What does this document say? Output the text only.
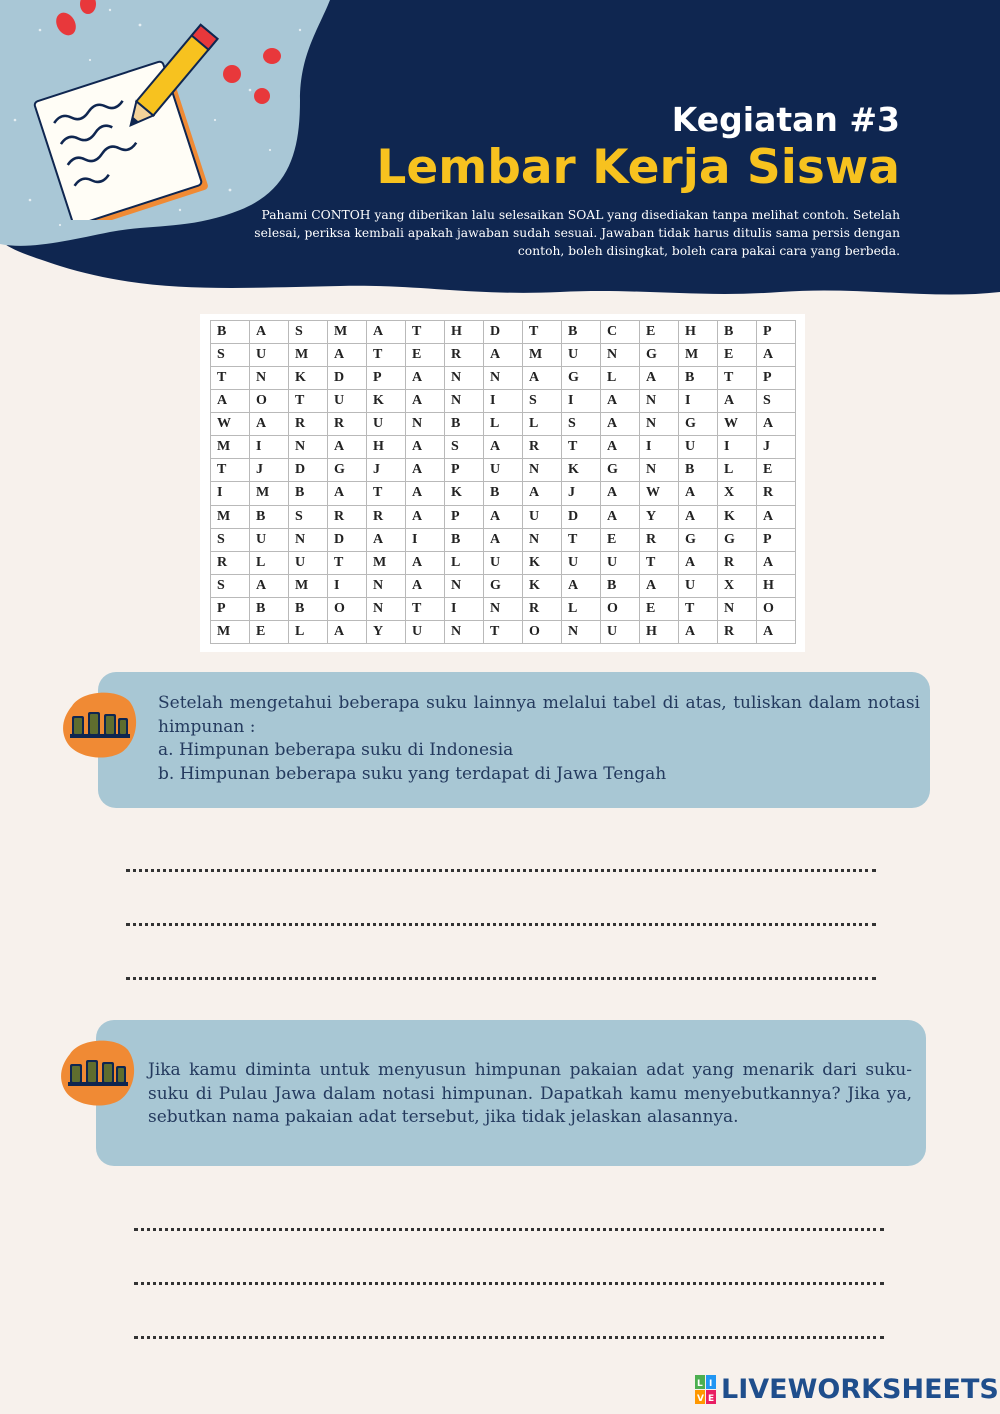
Kegiatan #3
Lembar Kerja Siswa

Pahami CONTOH yang diberikan lalu selesaikan SOAL yang disediakan tanpa melihat contoh. Setelah selesai, periksa kembali apakah jawaban sudah sesuai. Jawaban tidak harus ditulis sama persis dengan contoh, boleh disingkat, boleh cara pakai cara yang berbeda.

B	A	S	M	A	T	H	D	T	B	C	E	H	B	P
S	U	M	A	T	E	R	A	M	U	N	G	M	E	A
T	N	K	D	P	A	N	N	A	G	L	A	B	T	P
A	O	T	U	K	A	N	I	S	I	A	N	I	A	S
W	A	R	R	U	N	B	L	L	S	A	N	G	W	A
M	I	N	A	H	A	S	A	R	T	A	I	U	I	J
T	J	D	G	J	A	P	U	N	K	G	N	B	L	E
I	M	B	A	T	A	K	B	A	J	A	W	A	X	R
M	B	S	R	R	A	P	A	U	D	A	Y	A	K	A
S	U	N	D	A	I	B	A	N	T	E	R	G	G	P
R	L	U	T	M	A	L	U	K	U	U	T	A	R	A
S	A	M	I	N	A	N	G	K	A	B	A	U	X	H
P	B	B	O	N	T	I	N	R	L	O	E	T	N	O
M	E	L	A	Y	U	N	T	O	N	U	H	A	R	A
Setelah mengetahui beberapa suku lainnya melalui tabel di atas, tuliskan dalam notasi himpunan :
a. Himpunan beberapa suku di Indonesia
b. Himpunan beberapa suku yang terdapat di Jawa Tengah

Jika kamu diminta untuk menyusun himpunan pakaian adat yang menarik dari suku-suku di Pulau Jawa dalam notasi himpunan. Dapatkah kamu menyebutkannya? Jika ya, sebutkan nama pakaian adat tersebut, jika tidak jelaskan alasannya.

L I
V E LIVEWORKSHEETS
